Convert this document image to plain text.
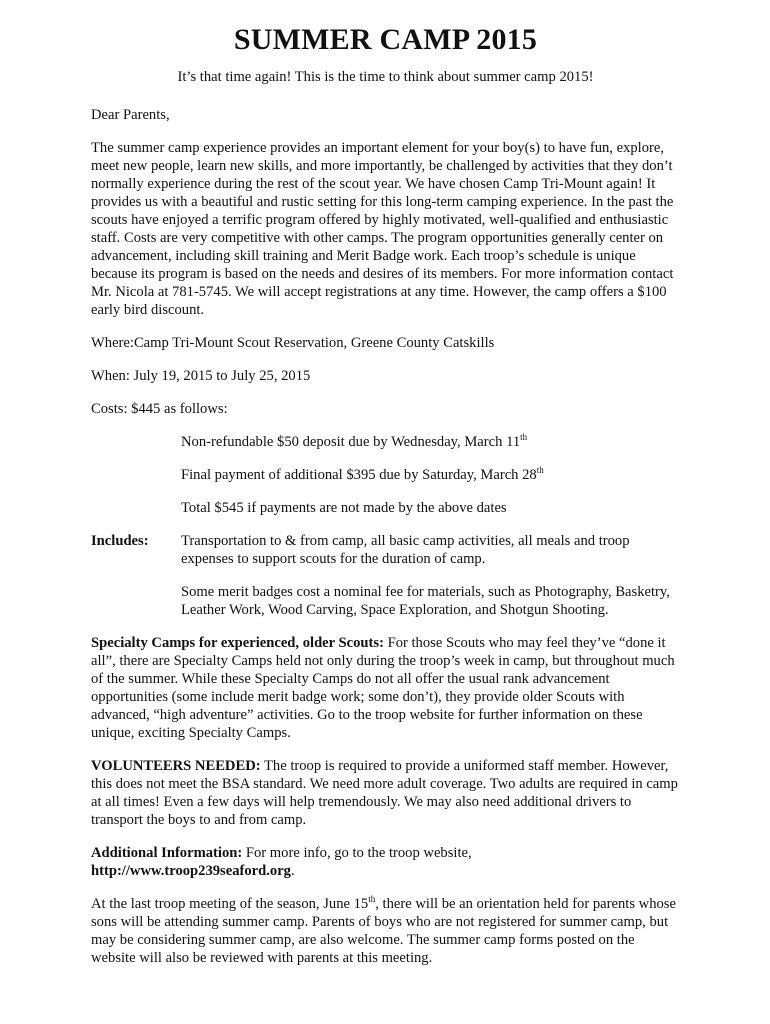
SUMMER CAMP 2015

It’s that time again! This is the time to think about summer camp 2015!

Dear Parents,

The summer camp experience provides an important element for your boy(s) to have fun, explore, meet new people, learn new skills, and more importantly, be challenged by activities that they don’t normally experience during the rest of the scout year. We have chosen Camp Tri-Mount again! It provides us with a beautiful and rustic setting for this long-term camping experience. In the past the scouts have enjoyed a terrific program offered by highly motivated, well-qualified and enthusiastic staff. Costs are very competitive with other camps. The program opportunities generally center on advancement, including skill training and Merit Badge work. Each troop’s schedule is unique because its program is based on the needs and desires of its members. For more information contact Mr. Nicola at 781-5745. We will accept registrations at any time. However, the camp offers a $100 early bird discount.

Where:Camp Tri-Mount Scout Reservation, Greene County Catskills

When: July 19, 2015 to July 25, 2015

Costs: $445 as follows:

Non-refundable $50 deposit due by Wednesday, March 11th

Final payment of additional $395 due by Saturday, March 28th

Total $545 if payments are not made by the above dates

Includes:	Transportation to & from camp, all basic camp activities, all meals and troop expenses to support scouts for the duration of camp.

Some merit badges cost a nominal fee for materials, such as Photography, Basketry, Leather Work, Wood Carving, Space Exploration, and Shotgun Shooting.

Specialty Camps for experienced, older Scouts: For those Scouts who may feel they’ve “done it all”, there are Specialty Camps held not only during the troop’s week in camp, but throughout much of the summer. While these Specialty Camps do not all offer the usual rank advancement opportunities (some include merit badge work; some don’t), they provide older Scouts with advanced, “high adventure” activities. Go to the troop website for further information on these unique, exciting Specialty Camps.

VOLUNTEERS NEEDED: The troop is required to provide a uniformed staff member. However, this does not meet the BSA standard. We need more adult coverage. Two adults are required in camp at all times! Even a few days will help tremendously. We may also need additional drivers to transport the boys to and from camp.

Additional Information: For more info, go to the troop website,
http://www.troop239seaford.org.

At the last troop meeting of the season, June 15th, there will be an orientation held for parents whose sons will be attending summer camp. Parents of boys who are not registered for summer camp, but may be considering summer camp, are also welcome. The summer camp forms posted on the website will also be reviewed with parents at this meeting.
